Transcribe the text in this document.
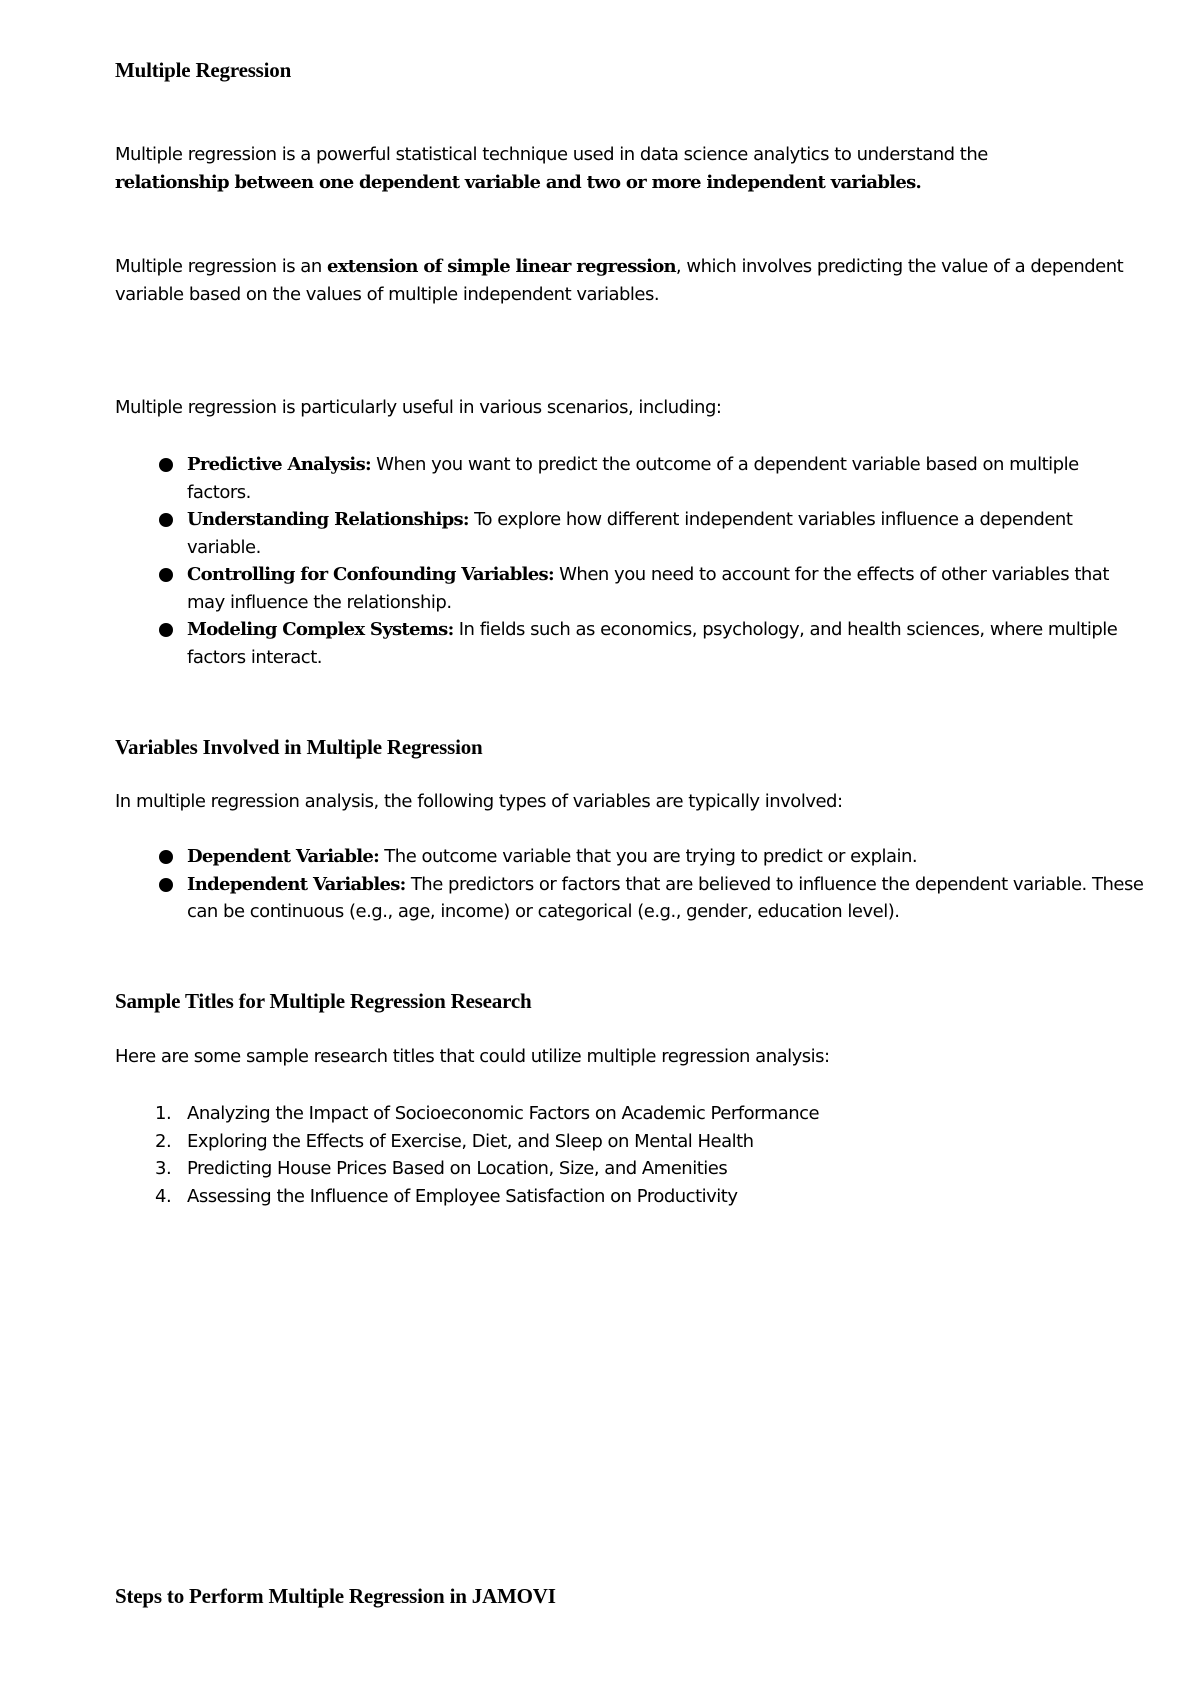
Multiple Regression

Multiple regression is a powerful statistical technique used in data science analytics to understand the
relationship between one dependent variable and two or more independent variables.

Multiple regression is an extension of simple linear regression, which involves predicting the value of a dependent variable based on the values of multiple independent variables.

Multiple regression is particularly useful in various scenarios, including:

Predictive Analysis: When you want to predict the outcome of a dependent variable based on multiple factors.
Understanding Relationships: To explore how different independent variables influence a dependent variable.
Controlling for Confounding Variables: When you need to account for the effects of other variables that may influence the relationship.
Modeling Complex Systems: In fields such as economics, psychology, and health sciences, where multiple factors interact.
Variables Involved in Multiple Regression

In multiple regression analysis, the following types of variables are typically involved:

Dependent Variable: The outcome variable that you are trying to predict or explain.
Independent Variables: The predictors or factors that are believed to influence the dependent variable. These can be continuous (e.g., age, income) or categorical (e.g., gender, education level).
Sample Titles for Multiple Regression Research

Here are some sample research titles that could utilize multiple regression analysis:

1. Analyzing the Impact of Socioeconomic Factors on Academic Performance
2. Exploring the Effects of Exercise, Diet, and Sleep on Mental Health
3. Predicting House Prices Based on Location, Size, and Amenities
4. Assessing the Influence of Employee Satisfaction on Productivity
Steps to Perform Multiple Regression in JAMOVI
